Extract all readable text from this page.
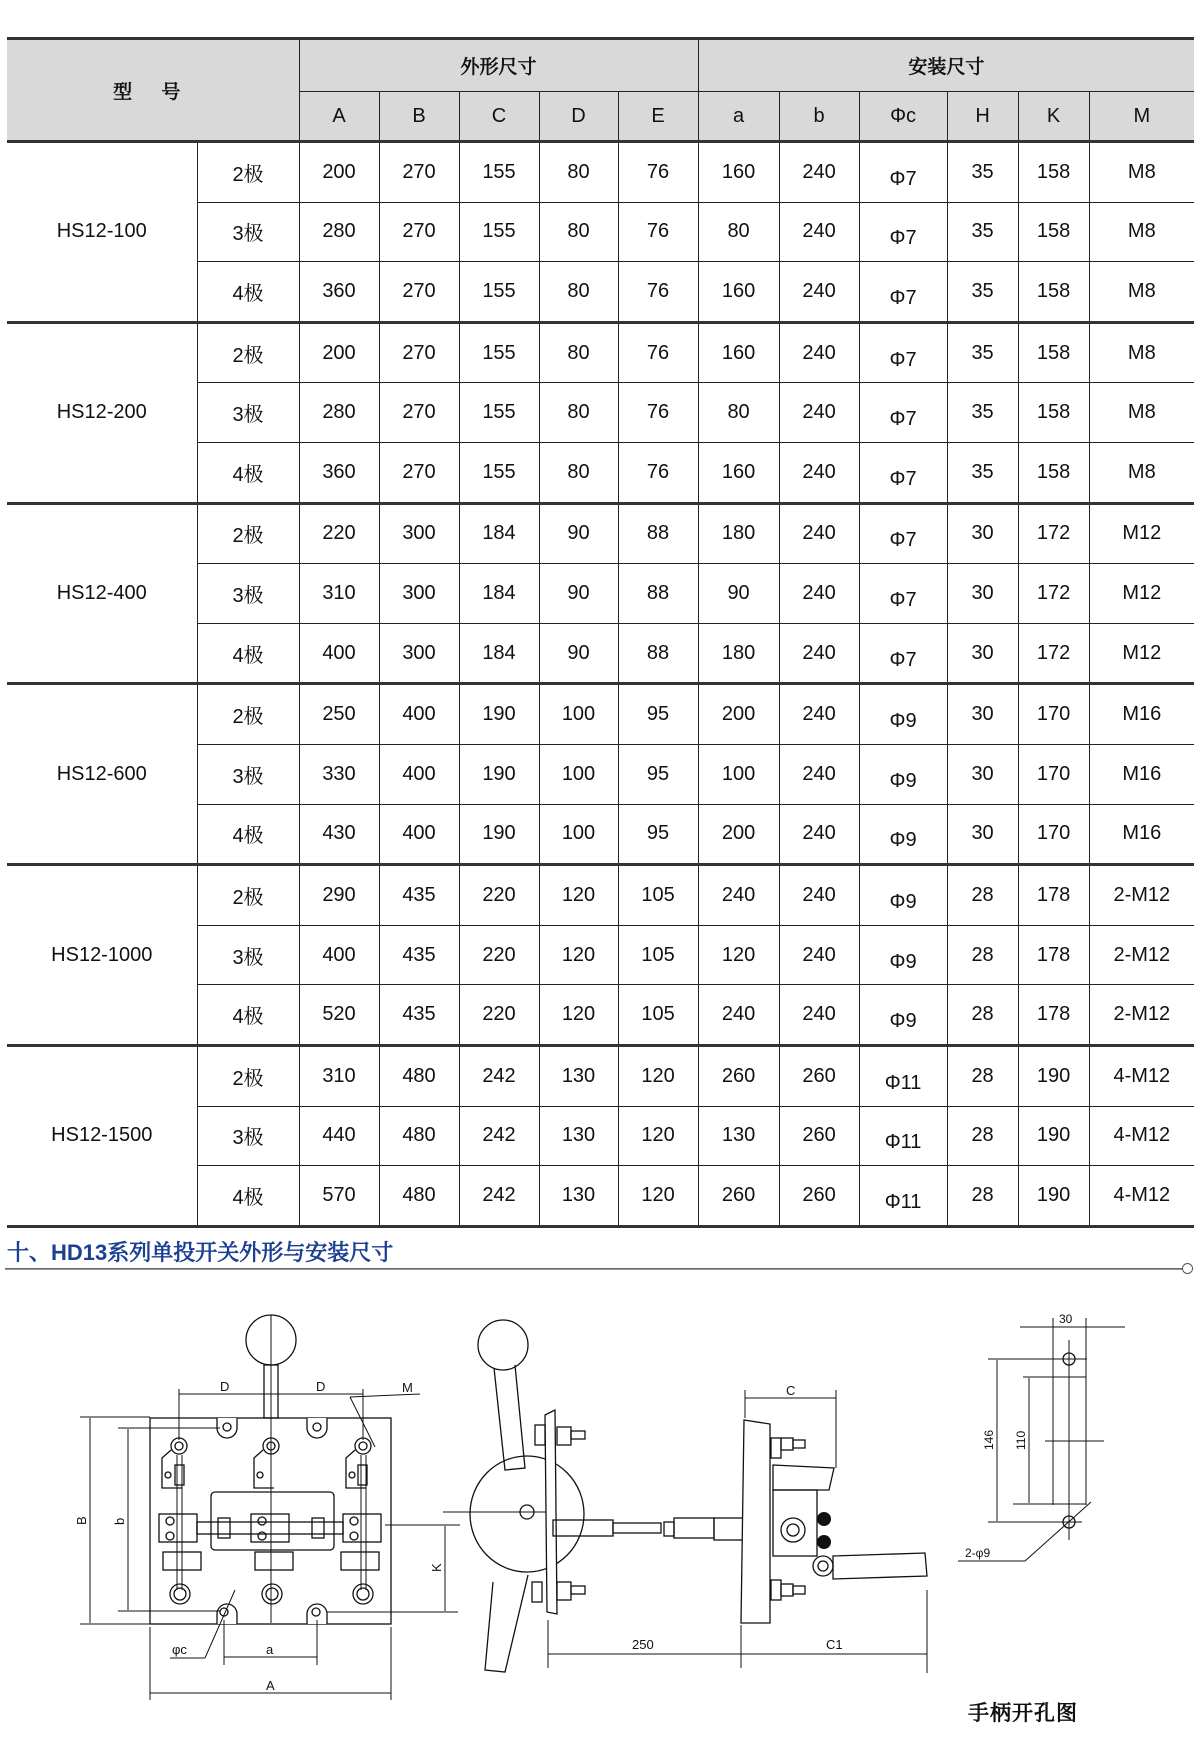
型 号		外形尺寸					安装尺寸					
		A	B	C	D	E	a	b	Φc	H	K	M
HS12-100	2极	200	270	155	80	76	160	240	Φ7	35	158	M8
	3极	280	270	155	80	76	80	240	Φ7	35	158	M8
	4极	360	270	155	80	76	160	240	Φ7	35	158	M8
HS12-200	2极	200	270	155	80	76	160	240	Φ7	35	158	M8
	3极	280	270	155	80	76	80	240	Φ7	35	158	M8
	4极	360	270	155	80	76	160	240	Φ7	35	158	M8
HS12-400	2极	220	300	184	90	88	180	240	Φ7	30	172	M12
	3极	310	300	184	90	88	90	240	Φ7	30	172	M12
	4极	400	300	184	90	88	180	240	Φ7	30	172	M12
HS12-600	2极	250	400	190	100	95	200	240	Φ9	30	170	M16
	3极	330	400	190	100	95	100	240	Φ9	30	170	M16
	4极	430	400	190	100	95	200	240	Φ9	30	170	M16
HS12-1000	2极	290	435	220	120	105	240	240	Φ9	28	178	2-M12
	3极	400	435	220	120	105	120	240	Φ9	28	178	2-M12
	4极	520	435	220	120	105	240	240	Φ9	28	178	2-M12
HS12-1500	2极	310	480	242	130	120	260	260	Φ11	28	190	4-M12
	3极	440	480	242	130	120	130	260	Φ11	28	190	4-M12
	4极	570	480	242	130	120	260	260	Φ11	28	190	4-M12
十、HD13系列单投开关外形与安装尺寸
D	D	M
B b
φc	a
A
K
C
250	C1
30
146 110
2-φ9
手柄开孔图
